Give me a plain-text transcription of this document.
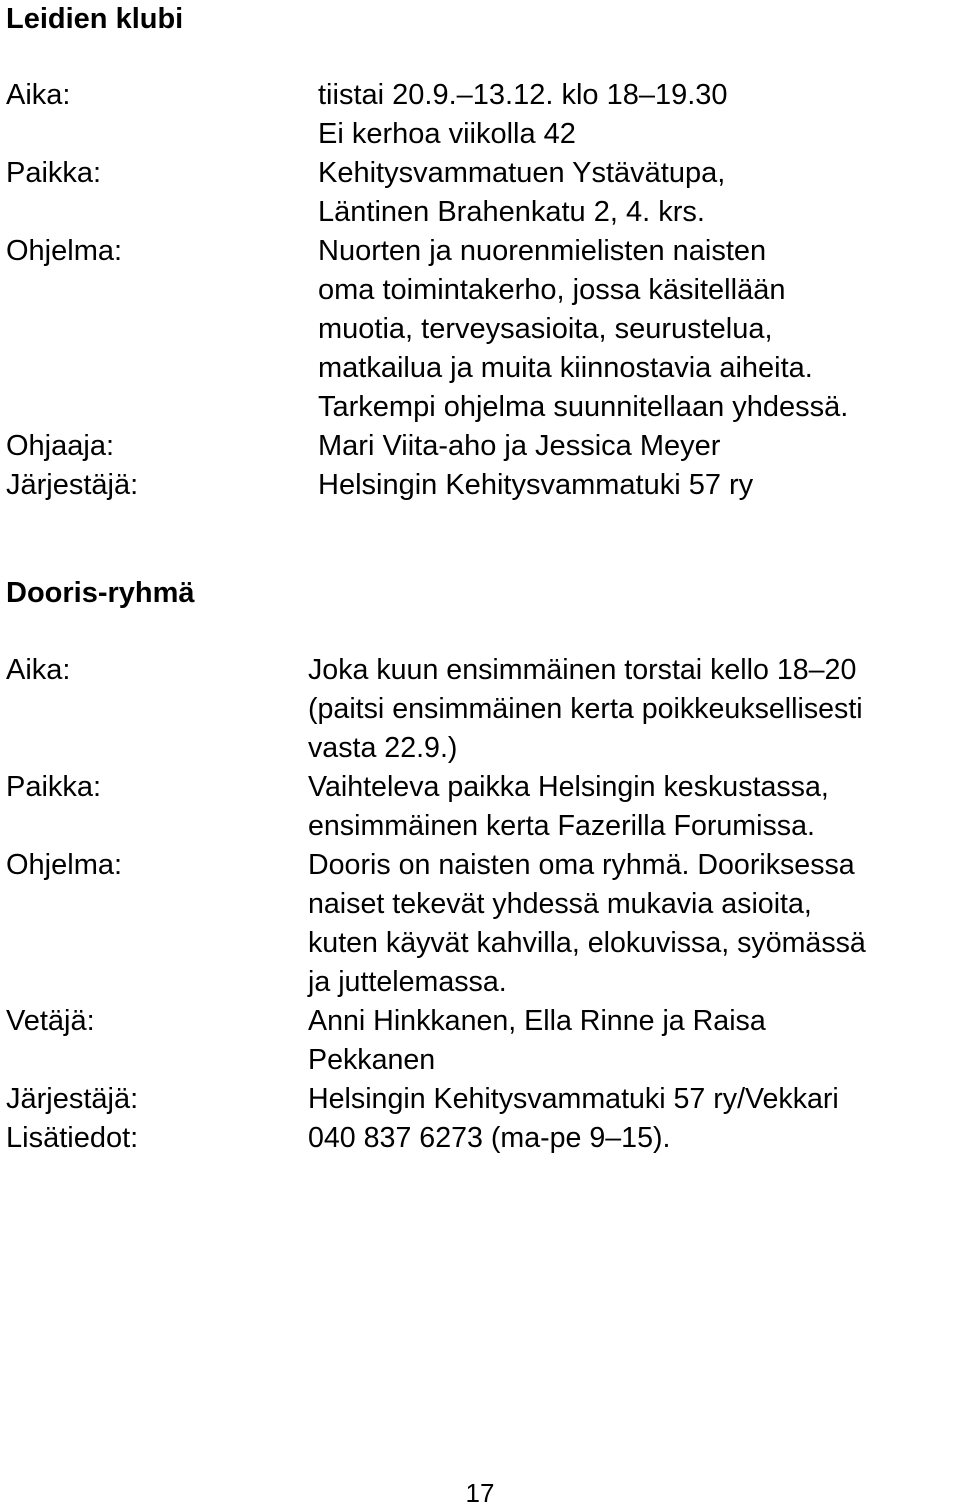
Leidien klubi
Aika:	tiistai 20.9.–13.12. klo 18–19.30
Ei kerhoa viikolla 42
Paikka:	Kehitysvammatuen Ystävätupa,
Läntinen Brahenkatu 2, 4. krs.
Ohjelma:	Nuorten ja nuorenmielisten naisten
oma toimintakerho, jossa käsitellään
muotia, terveysasioita, seurustelua,
matkailua ja muita kiinnostavia aiheita.
Tarkempi ohjelma suunnitellaan yhdessä.
Ohjaaja:	Mari Viita-aho ja Jessica Meyer
Järjestäjä:	Helsingin Kehitysvammatuki 57 ry
Dooris-ryhmä
Aika:	Joka kuun ensimmäinen torstai kello 18–20
(paitsi ensimmäinen kerta poikkeuksellisesti
vasta 22.9.)
Paikka:	Vaihteleva paikka Helsingin keskustassa,
ensimmäinen kerta Fazerilla Forumissa.
Ohjelma:	Dooris on naisten oma ryhmä. Dooriksessa
naiset tekevät yhdessä mukavia asioita,
kuten käyvät kahvilla, elokuvissa, syömässä
ja juttelemassa.
Vetäjä:	Anni Hinkkanen, Ella Rinne ja Raisa
Pekkanen
Järjestäjä:	Helsingin Kehitysvammatuki 57 ry/Vekkari
Lisätiedot:	040 837 6273 (ma-pe 9–15).
17
